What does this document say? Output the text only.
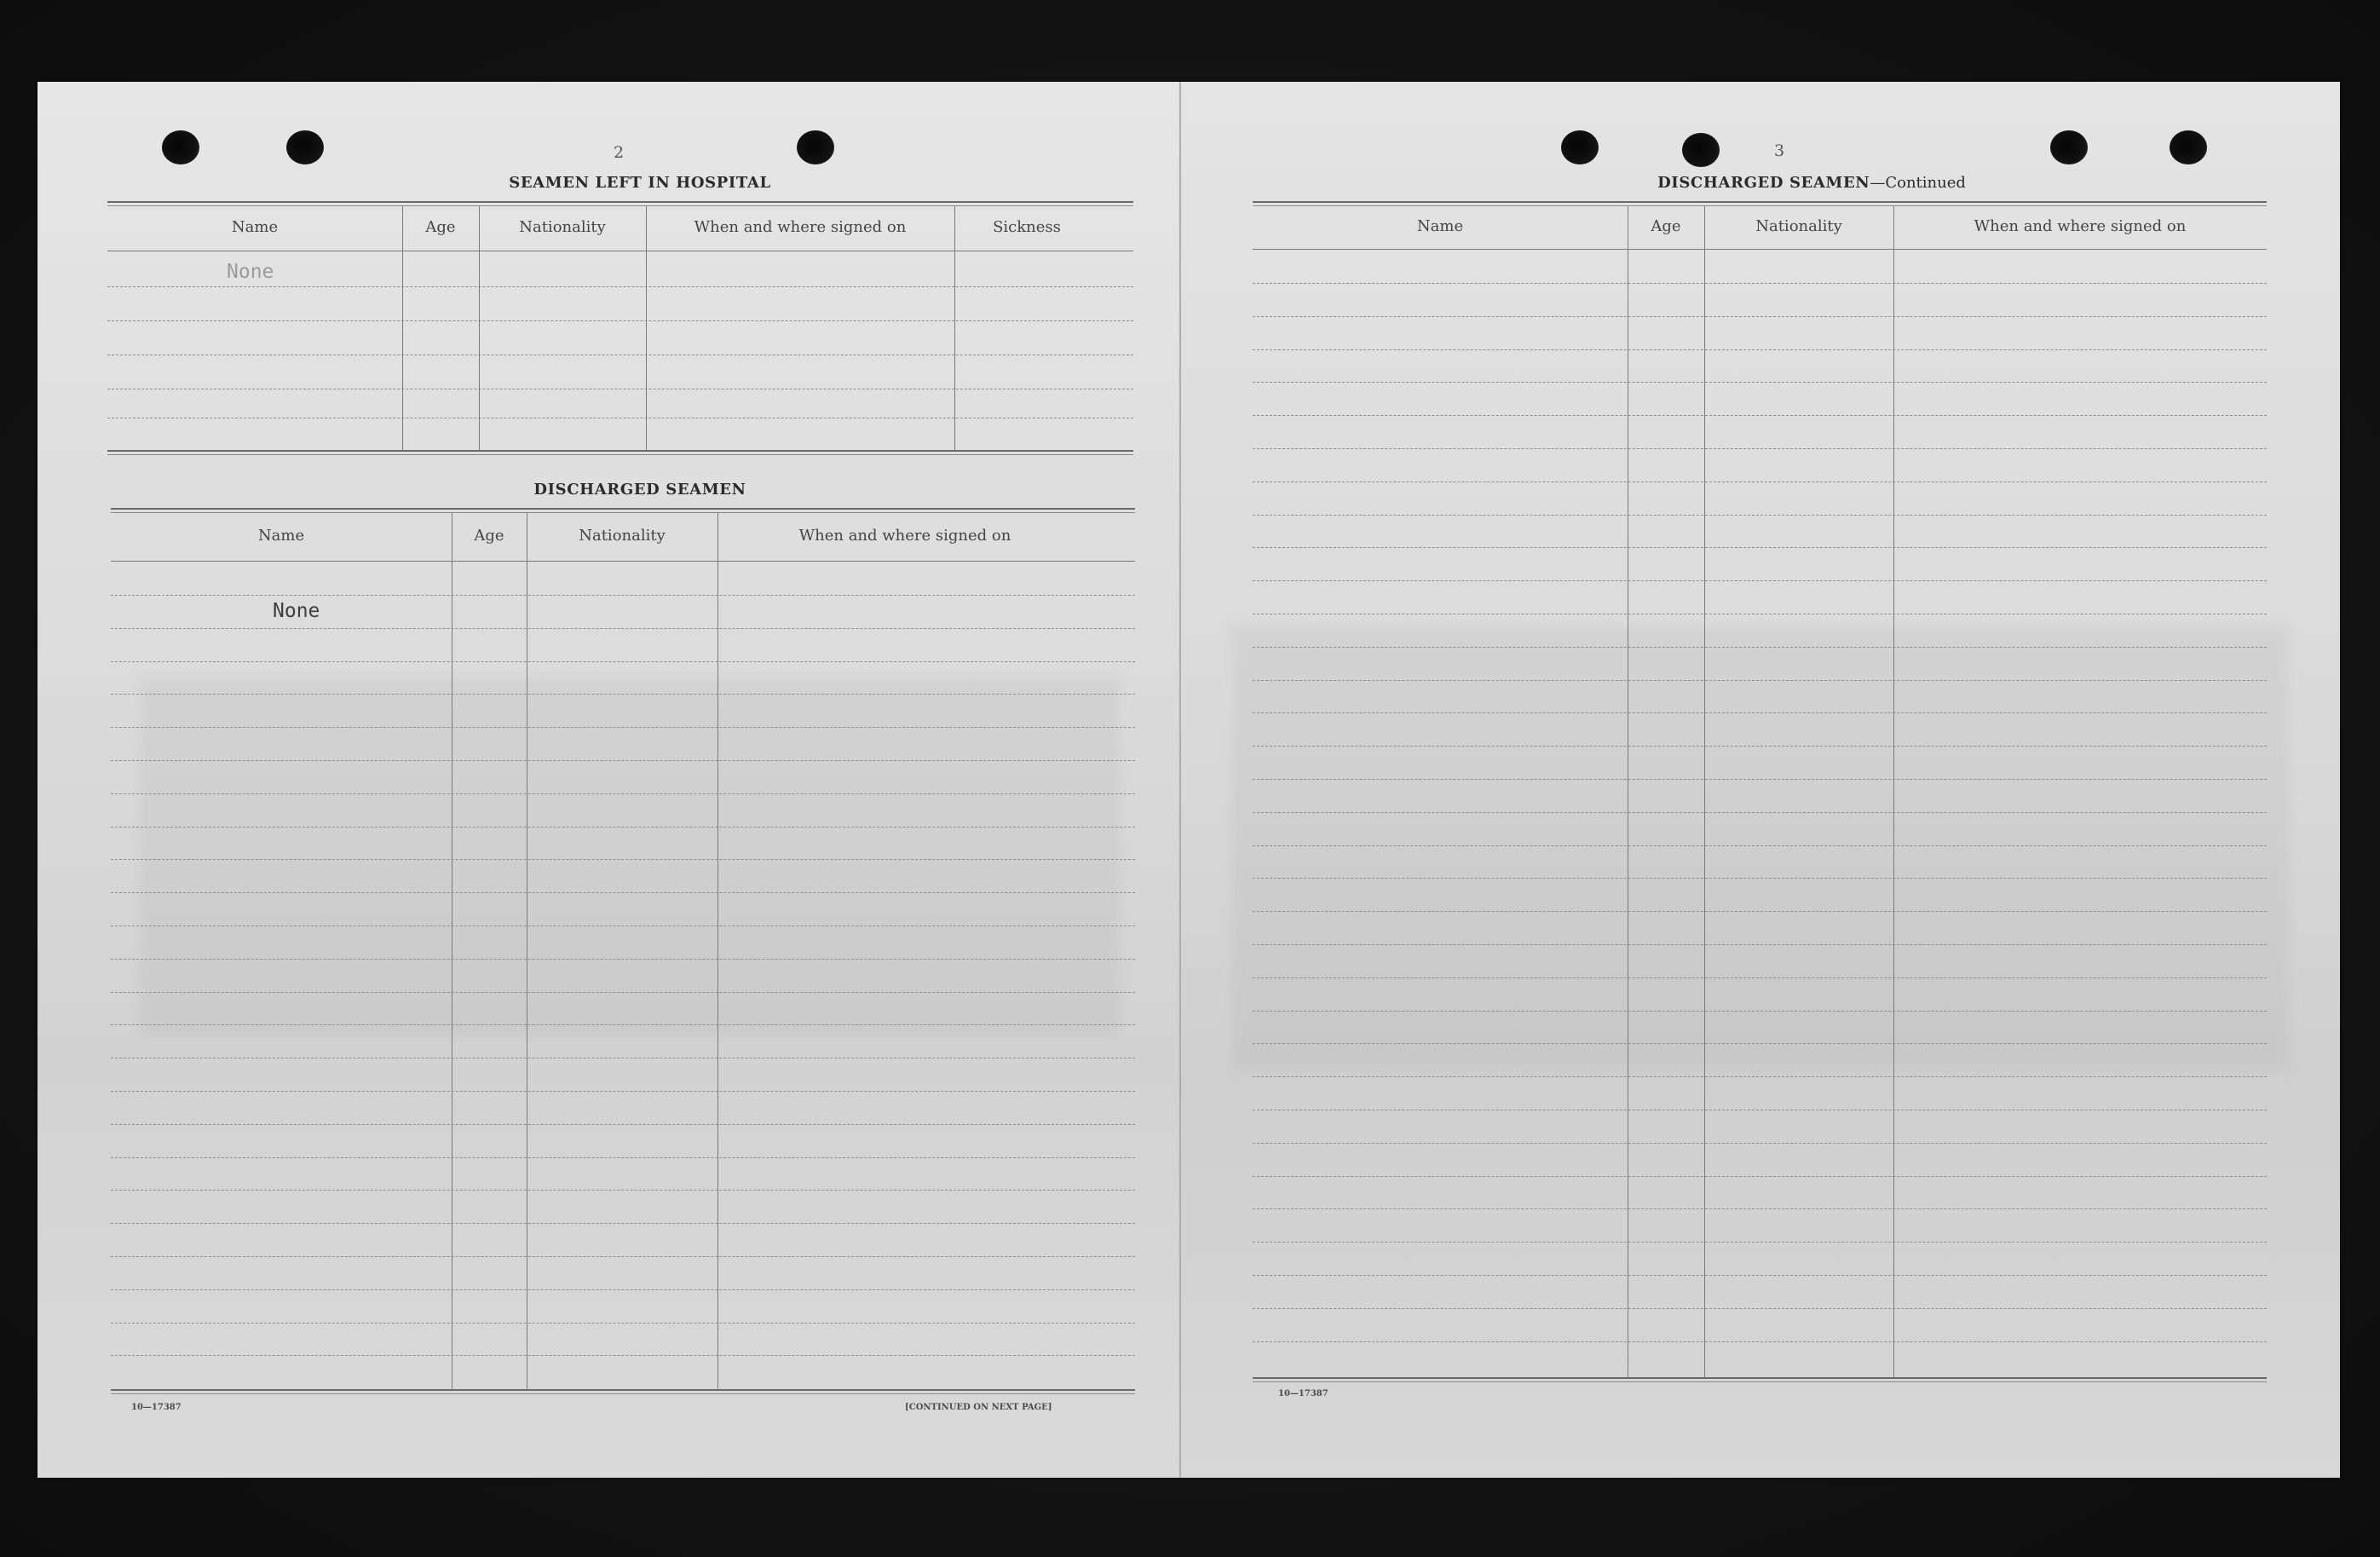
2
SEAMEN LEFT IN HOSPITAL
Name	Age	Nationality	When and where signed on	Sickness
None
DISCHARGED SEAMEN
Name	Age	Nationality	When and where signed on
None
10—17387	[CONTINUED ON NEXT PAGE]
3
DISCHARGED SEAMEN—Continued
Name	Age	Nationality	When and where signed on
10—17387
